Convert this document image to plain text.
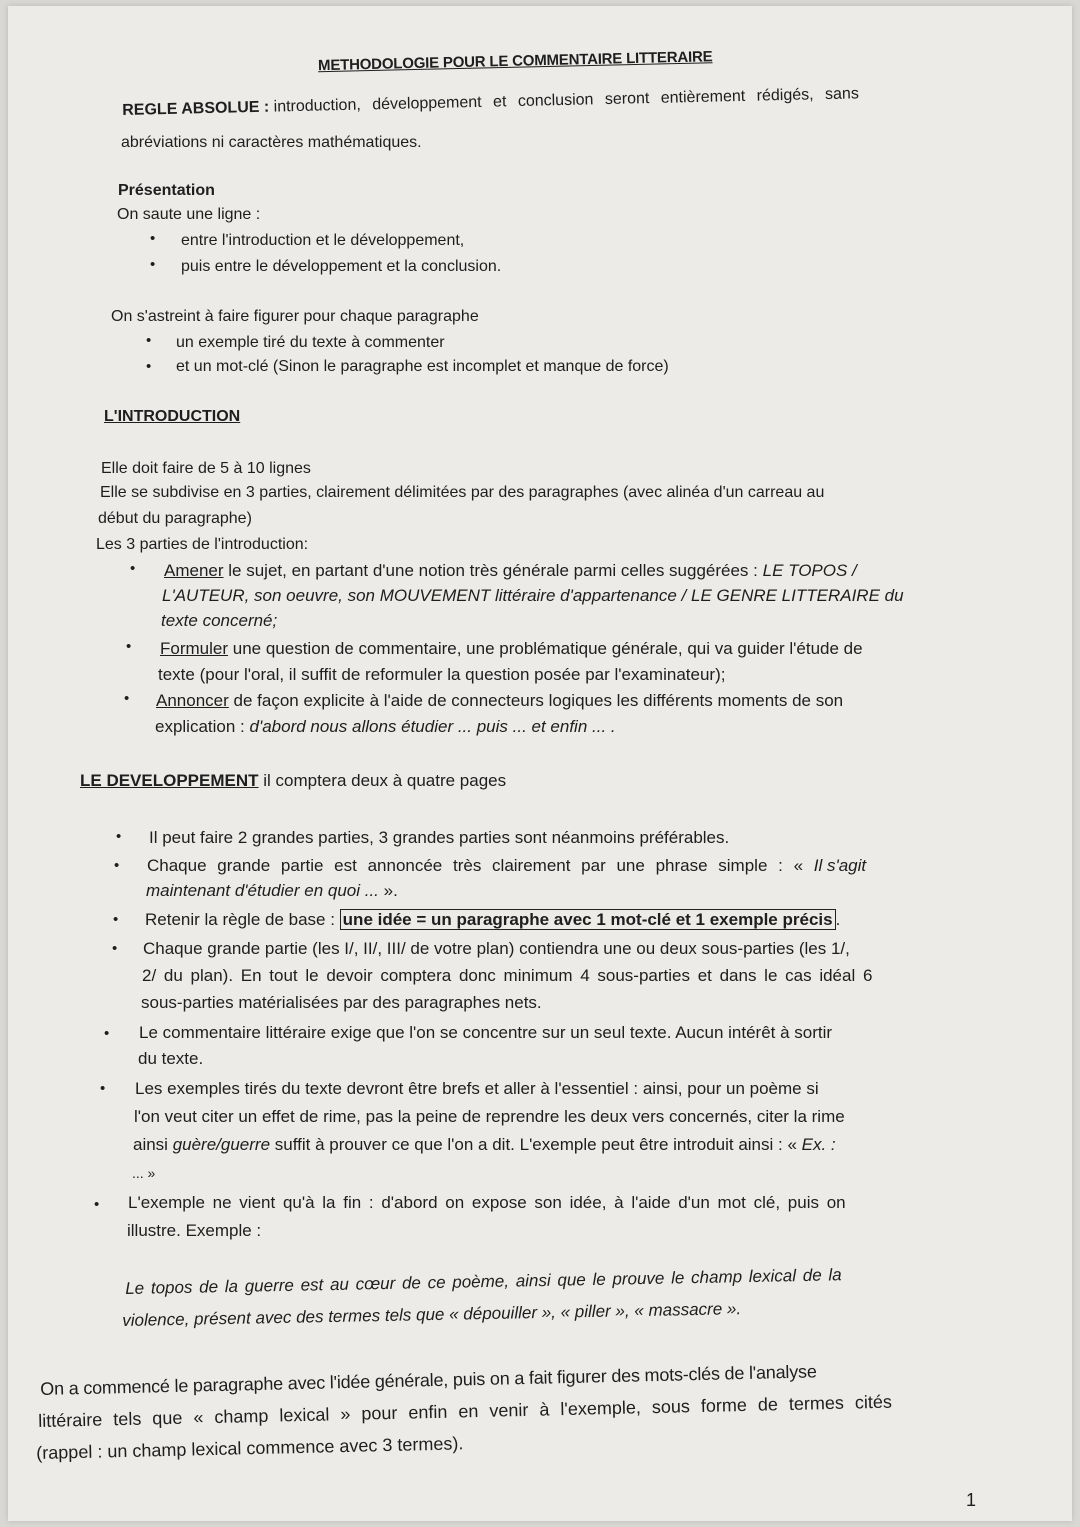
METHODOLOGIE POUR LE COMMENTAIRE LITTERAIRE
REGLE ABSOLUE : introduction, développement et conclusion seront entièrement rédigés, sans
abréviations ni caractères mathématiques.
Présentation
On saute une ligne :
• entre l'introduction et le développement,
• puis entre le développement et la conclusion.
On s'astreint à faire figurer pour chaque paragraphe
• un exemple tiré du texte à commenter
• et un mot-clé (Sinon le paragraphe est incomplet et manque de force)
L'INTRODUCTION
Elle doit faire de 5 à 10 lignes
Elle se subdivise en 3 parties, clairement délimitées par des paragraphes (avec alinéa d'un carreau au
début du paragraphe)
Les 3 parties de l'introduction:
• Amener le sujet, en partant d'une notion très générale parmi celles suggérées : LE TOPOS /
L'AUTEUR, son oeuvre, son MOUVEMENT littéraire d'appartenance / LE GENRE LITTERAIRE du
texte concerné;
• Formuler une question de commentaire, une problématique générale, qui va guider l'étude de
texte (pour l'oral, il suffit de reformuler la question posée par l'examinateur);
• Annoncer de façon explicite à l'aide de connecteurs logiques les différents moments de son
explication : d'abord nous allons étudier ... puis ... et enfin ... .
LE DEVELOPPEMENT il comptera deux à quatre pages
• Il peut faire 2 grandes parties, 3 grandes parties sont néanmoins préférables.
• Chaque grande partie est annoncée très clairement par une phrase simple : « Il s'agit
maintenant d'étudier en quoi ... ».
• Retenir la règle de base : une idée = un paragraphe avec 1 mot-clé et 1 exemple précis .
• Chaque grande partie (les I/, II/, III/ de votre plan) contiendra une ou deux sous-parties (les 1/,
2/ du plan). En tout le devoir comptera donc minimum 4 sous-parties et dans le cas idéal 6
sous-parties matérialisées par des paragraphes nets.
• Le commentaire littéraire exige que l'on se concentre sur un seul texte. Aucun intérêt à sortir
du texte.
• Les exemples tirés du texte devront être brefs et aller à l'essentiel : ainsi, pour un poème si
l'on veut citer un effet de rime, pas la peine de reprendre les deux vers concernés, citer la rime
ainsi guère/guerre suffit à prouver ce que l'on a dit. L'exemple peut être introduit ainsi : « Ex. :
... »
• L'exemple ne vient qu'à la fin : d'abord on expose son idée, à l'aide d'un mot clé, puis on
illustre. Exemple :
Le topos de la guerre est au cœur de ce poème, ainsi que le prouve le champ lexical de la
violence, présent avec des termes tels que « dépouiller », « piller », « massacre ».
On a commencé le paragraphe avec l'idée générale, puis on a fait figurer des mots-clés de l'analyse
littéraire tels que « champ lexical » pour enfin en venir à l'exemple, sous forme de termes cités
(rappel : un champ lexical commence avec 3 termes).
1
